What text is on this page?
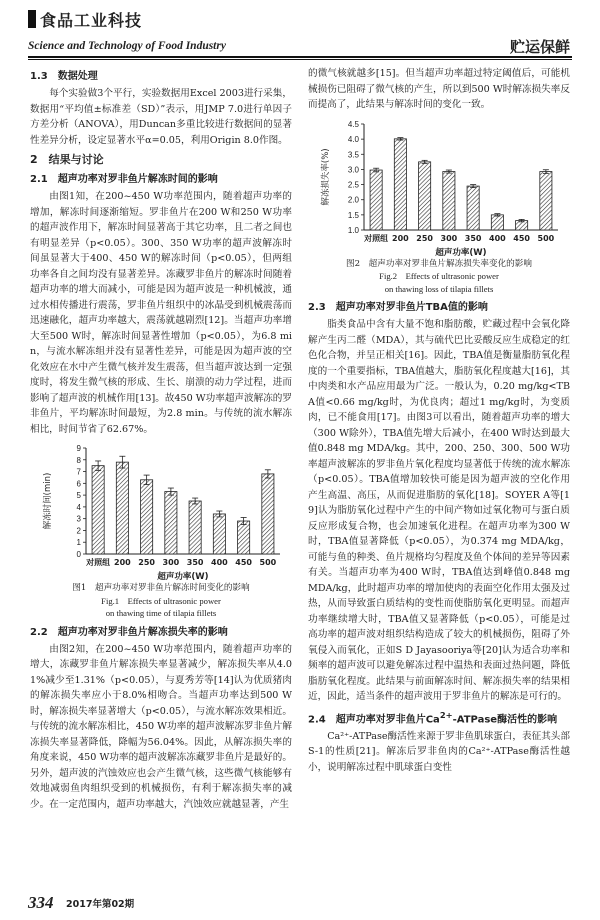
食品工业科技
Science and Technology of Food Industry	贮运保鲜
1.3　数据处理

每个实验做3个平行，实验数据用Excel 2003进行采集，数据用“平均值±标准差（SD）”表示，用JMP 7.0进行单因子方差分析（ANOVA），用Duncan多重比较进行数据间的显著性差异分析，设定显著水平α=0.05，利用Origin 8.0作图。

2　结果与讨论
2.1　超声功率对罗非鱼片解冻时间的影响

由图1知，在200~450 W功率范围内，随着超声功率的增加，解冻时间逐渐缩短。罗非鱼片在200 W和250 W功率的超声波作用下，解冻时间显著高于其它功率，且二者之间也有明显差异（p<0.05）。300、350 W功率的超声波解冻时间虽显著大于400、450 W的解冻时间（p<0.05），但两组功率各自之间均没有显著差异。冻藏罗非鱼片的解冻时间随着超声功率的增大而减小，可能是因为超声波是一种机械波，通过水相传播进行震荡，罗非鱼片组织中的冰晶受到机械震荡而迅速融化，超声功率越大，震荡就越剧烈[12]。当超声功率增大至500 W时，解冻时间显著性增加（p<0.05），为6.8 min，与流水解冻组并没有显著性差异，可能是因为超声波的空化效应在水中产生微气核并发生震荡，但当超声波达到一定强度时，将发生微气核的形成、生长、崩溃的动力学过程，进而影响了超声波的机械作用[13]。故450 W功率超声波解冻的罗非鱼片，平均解冻时间最短，为2.8 min。与传统的流水解冻相比，时间节省了62.67%。

0
1
2
3
4
5
6
7
8
9
解冻时间(min)
对照组 200 250 300 350 400 450 500
超声功率(W)
图1　超声功率对罗非鱼片解冻时间变化的影响
Fig.1　Effects of ultrasonic power
on thawing time of tilapia fillets
2.2　超声功率对罗非鱼片解冻损失率的影响

由图2知，在200~450 W功率范围内，随着超声功率的增大，冻藏罗非鱼片解冻损失率显著减少，解冻损失率从4.01%减少至1.31%（p<0.05），与夏秀芳等[14]认为优质猪肉的解冻损失率应小于8.0%相吻合。当超声功率达到500 W时，解冻损失率显著增大（p<0.05），与流水解冻效果相近。与传统的流水解冻相比，450 W功率的超声波解冻罗非鱼片解冻损失率显著降低，降幅为56.04%。因此，从解冻损失率的角度来说，450 W功率的超声波解冻冻藏罗非鱼片是最好的。另外，超声波的汽蚀效应也会产生微气核，这些微气核能够有效地减弱鱼肉组织受到的机械损伤，有利于解冻损失率的减少。在一定范围内，超声功率越大，汽蚀效应就越显著，产生

的微气核就越多[15]。但当超声功率超过特定阈值后，可能机械损伤已阻碍了微气核的产生，所以到500 W时解冻损失率反而提高了，此结果与解冻时间的变化一致。

1.0
1.5
2.0
2.5
3.0
3.5
4.0
4.5
解冻损失率(%)
对照组 200 250 300 350 400 450 500
超声功率(W)
图2　超声功率对罗非鱼片解冻损失率变化的影响
Fig.2　Effects of ultrasonic power
on thawing loss of tilapia fillets
2.3　超声功率对罗非鱼片TBA值的影响

脂类食品中含有大量不饱和脂肪酸，贮藏过程中会氧化降解产生丙二醛（MDA），其与硫代巴比妥酸反应生成稳定的红色化合物，并呈正相关[16]。因此，TBA值是衡量脂肪氧化程度的一个重要指标，TBA值越大，脂肪氧化程度越大[16]，其中肉类和水产品应用最为广泛。一般认为，0.20 mg/kg<TBA值<0.66 mg/kg时，为优良肉；超过1 mg/kg时，为变质肉，已不能食用[17]。由图3可以看出，随着超声功率的增大（300 W除外），TBA值先增大后减小，在400 W时达到最大值0.848 mg MDA/kg。其中，200、250、300、500 W功率超声波解冻的罗非鱼片氧化程度均显著低于传统的流水解冻（p<0.05）。TBA值增加较快可能是因为超声波的空化作用产生高温、高压，从而促进脂肪的氧化[18]。SOYER A等[19]认为脂肪氧化过程中产生的中间产物如过氧化物可与蛋白质反应形成复合物，也会加速氧化进程。在超声功率为300 W时，TBA值显著降低（p<0.05），为0.374 mg MDA/kg，可能与鱼的种类、鱼片规格均匀程度及鱼个体间的差异等因素有关。当超声功率为400 W时，TBA值达到峰值0.848 mg MDA/kg，此时超声功率的增加使肉的表面空化作用太强及过热，从而导致蛋白质结构的变性而使脂肪氧化更明显。而超声功率继续增大时，TBA值又显著降低（p<0.05），可能是过高功率的超声波对组织结构造成了较大的机械损伤，阻碍了外氧侵入而氧化，正如S D Jayasooriya等[20]认为适合功率和频率的超声波可以避免解冻过程中温热和表面过热问题，降低脂肪氧化程度。此结果与前面解冻时间、解冻损失率的结果相近，因此，适当条件的超声波用于罗非鱼片的解冻是可行的。

2.4　超声功率对罗非鱼片$Ca^{2+}$-ATPase酶活性的影响

Ca²⁺-ATPase酶活性来源于罗非鱼肌球蛋白，表征其头部S-1的性质[21]。解冻后罗非鱼肉的Ca²⁺-ATPase酶活性越小，说明解冻过程中肌球蛋白变性

334 2017年第02期
